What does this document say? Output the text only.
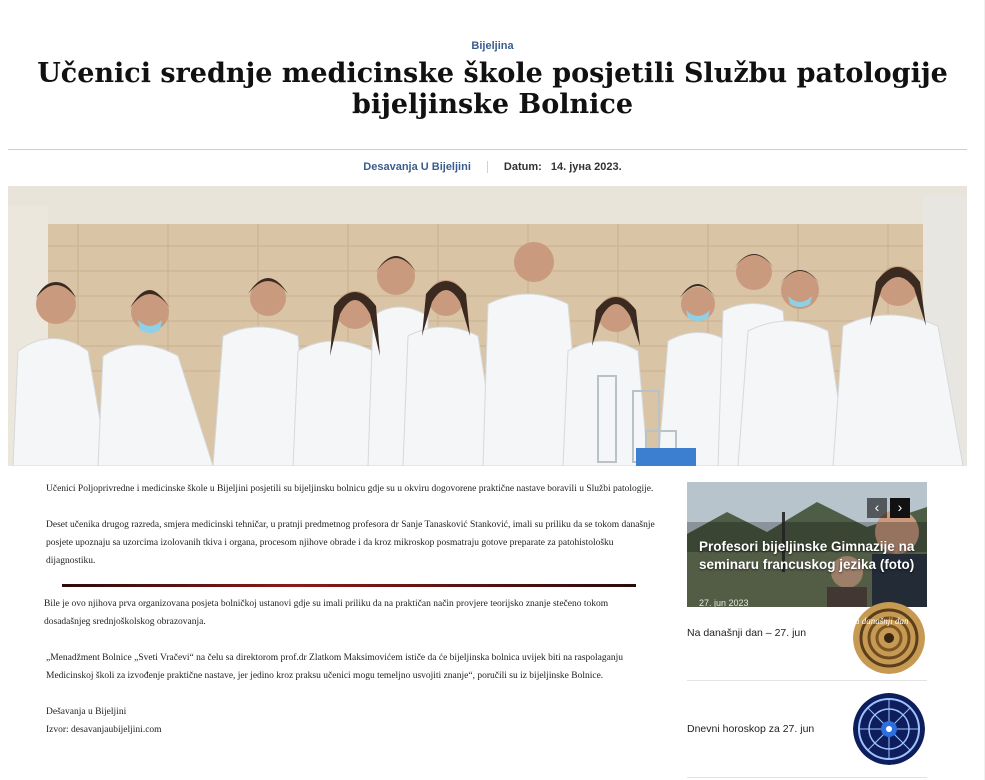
Bijeljina
Učenici srednje medicinske škole posjetili Službu patologije bijeljinske Bolnice
Desavanja U Bijeljini	Datum: 14. јуна 2023.

Učenici Poljoprivredne i medicinske škole u Bijeljini posjetili su bijeljinsku bolnicu gdje su u okviru dogovorene praktične nastave boravili u Službi patologije.

Deset učenika drugog razreda, smjera medicinski tehničar, u pratnji predmetnog profesora dr Sanje Tanasković Stanković, imali su priliku da se tokom današnje posjete upoznaju sa uzorcima izolovanih tkiva i organa, procesom njihove obrade i da kroz mikroskop posmatraju gotove preparate za patohistološku dijagnostiku.

Bile je ovo njihova prva organizovana posjeta bolničkoj ustanovi gdje su imali priliku da na praktičan način provjere teorijsko znanje stečeno tokom dosadašnjeg srednjoškolskog obrazovanja.

„Menadžment Bolnice „Sveti Vračevi“ na čelu sa direktorom prof.dr Zlatkom Maksimovićem ističe da će bijeljinska bolnica uvijek biti na raspolaganju Medicinskoj školi za izvođenje praktične nastave, jer jedino kroz praksu učenici mogu temeljno usvojiti znanje“, poručili su iz bijeljinske Bolnice.

Dešavanja u Bijeljini

Izvor: desavanjaubijeljini.com

‹	›
Profesori bijeljinske Gimnazije na seminaru francuskog jezika (foto)
27. jun 2023
Na današnji dan – 27. jun
a današnji dan
Dnevni horoskop za 27. jun
